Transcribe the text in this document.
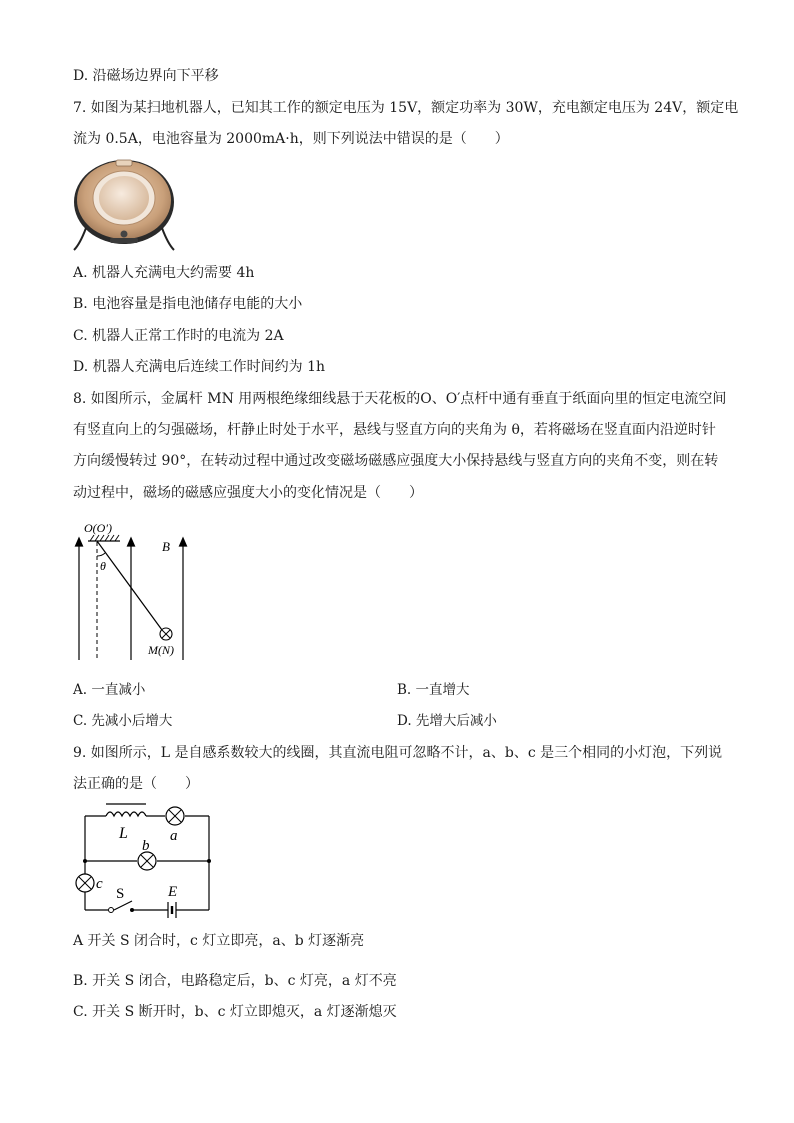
D. 沿磁场边界向下平移
7. 如图为某扫地机器人，已知其工作的额定电压为 15V，额定功率为 30W，充电额定电压为 24V，额定电
流为 0.5A，电池容量为 2000mA·h，则下列说法中错误的是（　　）
A. 机器人充满电大约需要 4h
B. 电池容量是指电池储存电能的大小
C. 机器人正常工作时的电流为 2A
D. 机器人充满电后连续工作时间约为 1h
8. 如图所示，金属杆 MN 用两根绝缘细线悬于天花板的O、O′点杆中通有垂直于纸面向里的恒定电流空间
有竖直向上的匀强磁场，杆静止时处于水平，悬线与竖直方向的夹角为 θ，若将磁场在竖直面内沿逆时针
方向缓慢转过 90°，在转动过程中通过改变磁场磁感应强度大小保持悬线与竖直方向的夹角不变，则在转
动过程中，磁场的磁感应强度大小的变化情况是（　　）
O(O′)
θ
B
M(N)
A. 一直减小	B. 一直增大
C. 先减小后增大	D. 先增大后减小
9. 如图所示，L 是自感系数较大的线圈，其直流电阻可忽略不计，a、b、c 是三个相同的小灯泡，下列说
法正确的是（　　）
L	a
b
c
S	E
A 开关 S 闭合时，c 灯立即亮，a、b 灯逐渐亮
B. 开关 S 闭合，电路稳定后，b、c 灯亮，a 灯不亮
C. 开关 S 断开时，b、c 灯立即熄灭，a 灯逐渐熄灭
